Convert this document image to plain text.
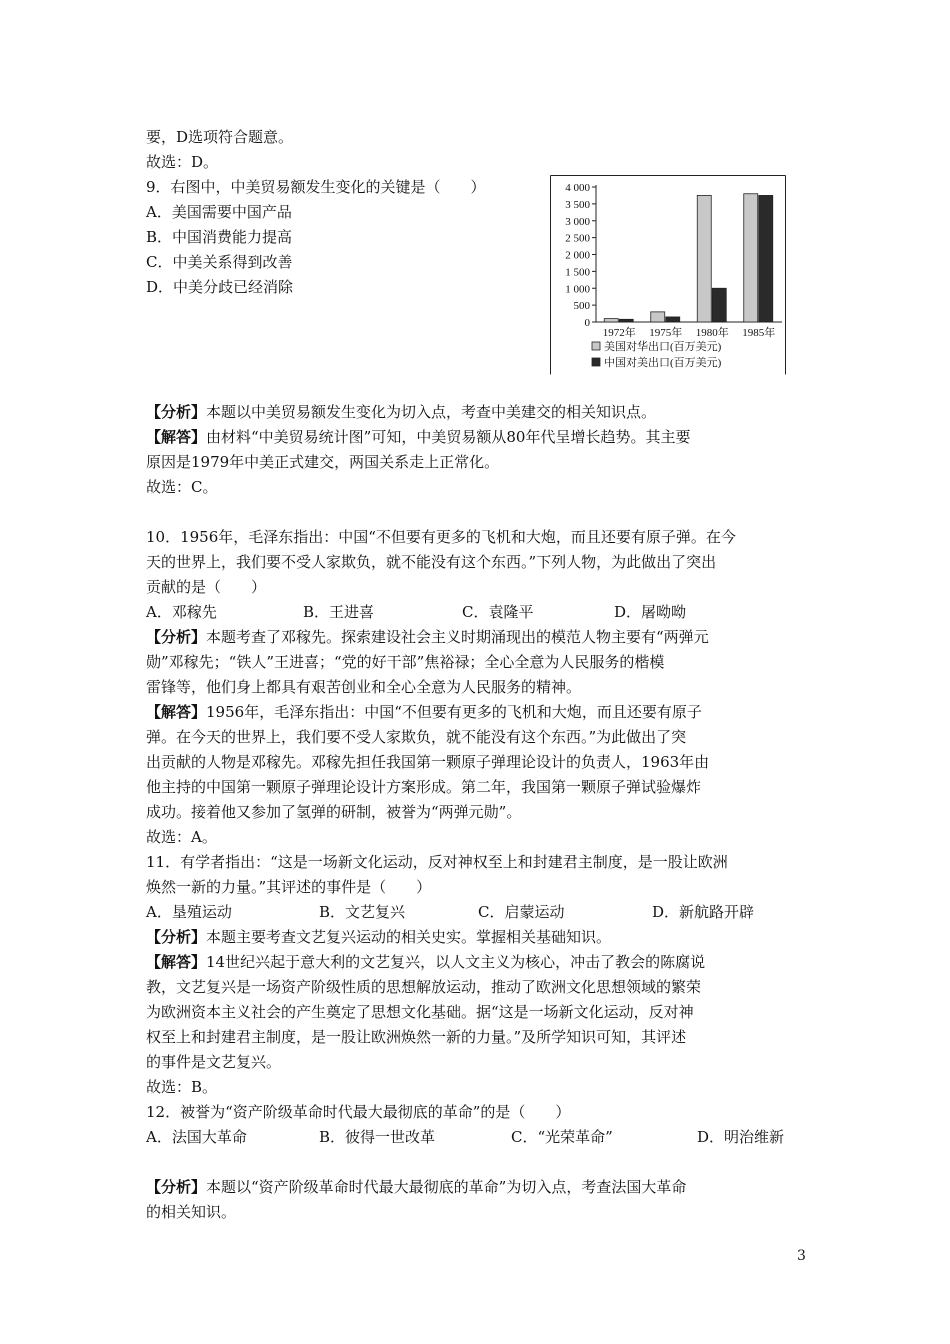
要，D选项符合题意。
故选：D。
9．右图中，中美贸易额发生变化的关键是（　　）
A．美国需要中国产品
B．中国消费能力提高
C．中美关系得到改善
D．中美分歧已经消除
4 000
3 500
3 000
2 500
2 000
1 500
1 000
500
0
1972年 1975年 1980年 1985年
美国对华出口(百万美元)
中国对美出口(百万美元)
【分析】本题以中美贸易额发生变化为切入点，考查中美建交的相关知识点。
【解答】由材料“中美贸易统计图”可知，中美贸易额从80年代呈增长趋势。其主要
原因是1979年中美正式建交，两国关系走上正常化。
故选：C。
10．1956年，毛泽东指出：中国“不但要有更多的飞机和大炮，而且还要有原子弹。在今
天的世界上，我们要不受人家欺负，就不能没有这个东西。”下列人物，为此做出了突出
贡献的是（　　）
A．邓稼先	B．王进喜	C．袁隆平	D．屠呦呦
【分析】本题考查了邓稼先。探索建设社会主义时期涌现出的模范人物主要有“两弹元
勋”邓稼先；“铁人”王进喜；“党的好干部”焦裕禄；全心全意为人民服务的楷模
雷锋等，他们身上都具有艰苦创业和全心全意为人民服务的精神。
【解答】1956年，毛泽东指出：中国“不但要有更多的飞机和大炮，而且还要有原子
弹。在今天的世界上，我们要不受人家欺负，就不能没有这个东西。”为此做出了突
出贡献的人物是邓稼先。邓稼先担任我国第一颗原子弹理论设计的负责人，1963年由
他主持的中国第一颗原子弹理论设计方案形成。第二年，我国第一颗原子弹试验爆炸
成功。接着他又参加了氢弹的研制，被誉为“两弹元勋”。
故选：A。
11．有学者指出：“这是一场新文化运动，反对神权至上和封建君主制度，是一股让欧洲
焕然一新的力量。”其评述的事件是（　　）
A．垦殖运动	B．文艺复兴	C．启蒙运动	D．新航路开辟
【分析】本题主要考查文艺复兴运动的相关史实。掌握相关基础知识。
【解答】14世纪兴起于意大利的文艺复兴，以人文主义为核心，冲击了教会的陈腐说
教，文艺复兴是一场资产阶级性质的思想解放运动，推动了欧洲文化思想领域的繁荣
为欧洲资本主义社会的产生奠定了思想文化基础。据“这是一场新文化运动，反对神
权至上和封建君主制度，是一股让欧洲焕然一新的力量。”及所学知识可知，其评述
的事件是文艺复兴。
故选：B。
12．被誉为“资产阶级革命时代最大最彻底的革命”的是（　　）
A．法国大革命	B．彼得一世改革	C．“光荣革命”	D．明治维新
【分析】本题以“资产阶级革命时代最大最彻底的革命”为切入点，考查法国大革命
的相关知识。
3
